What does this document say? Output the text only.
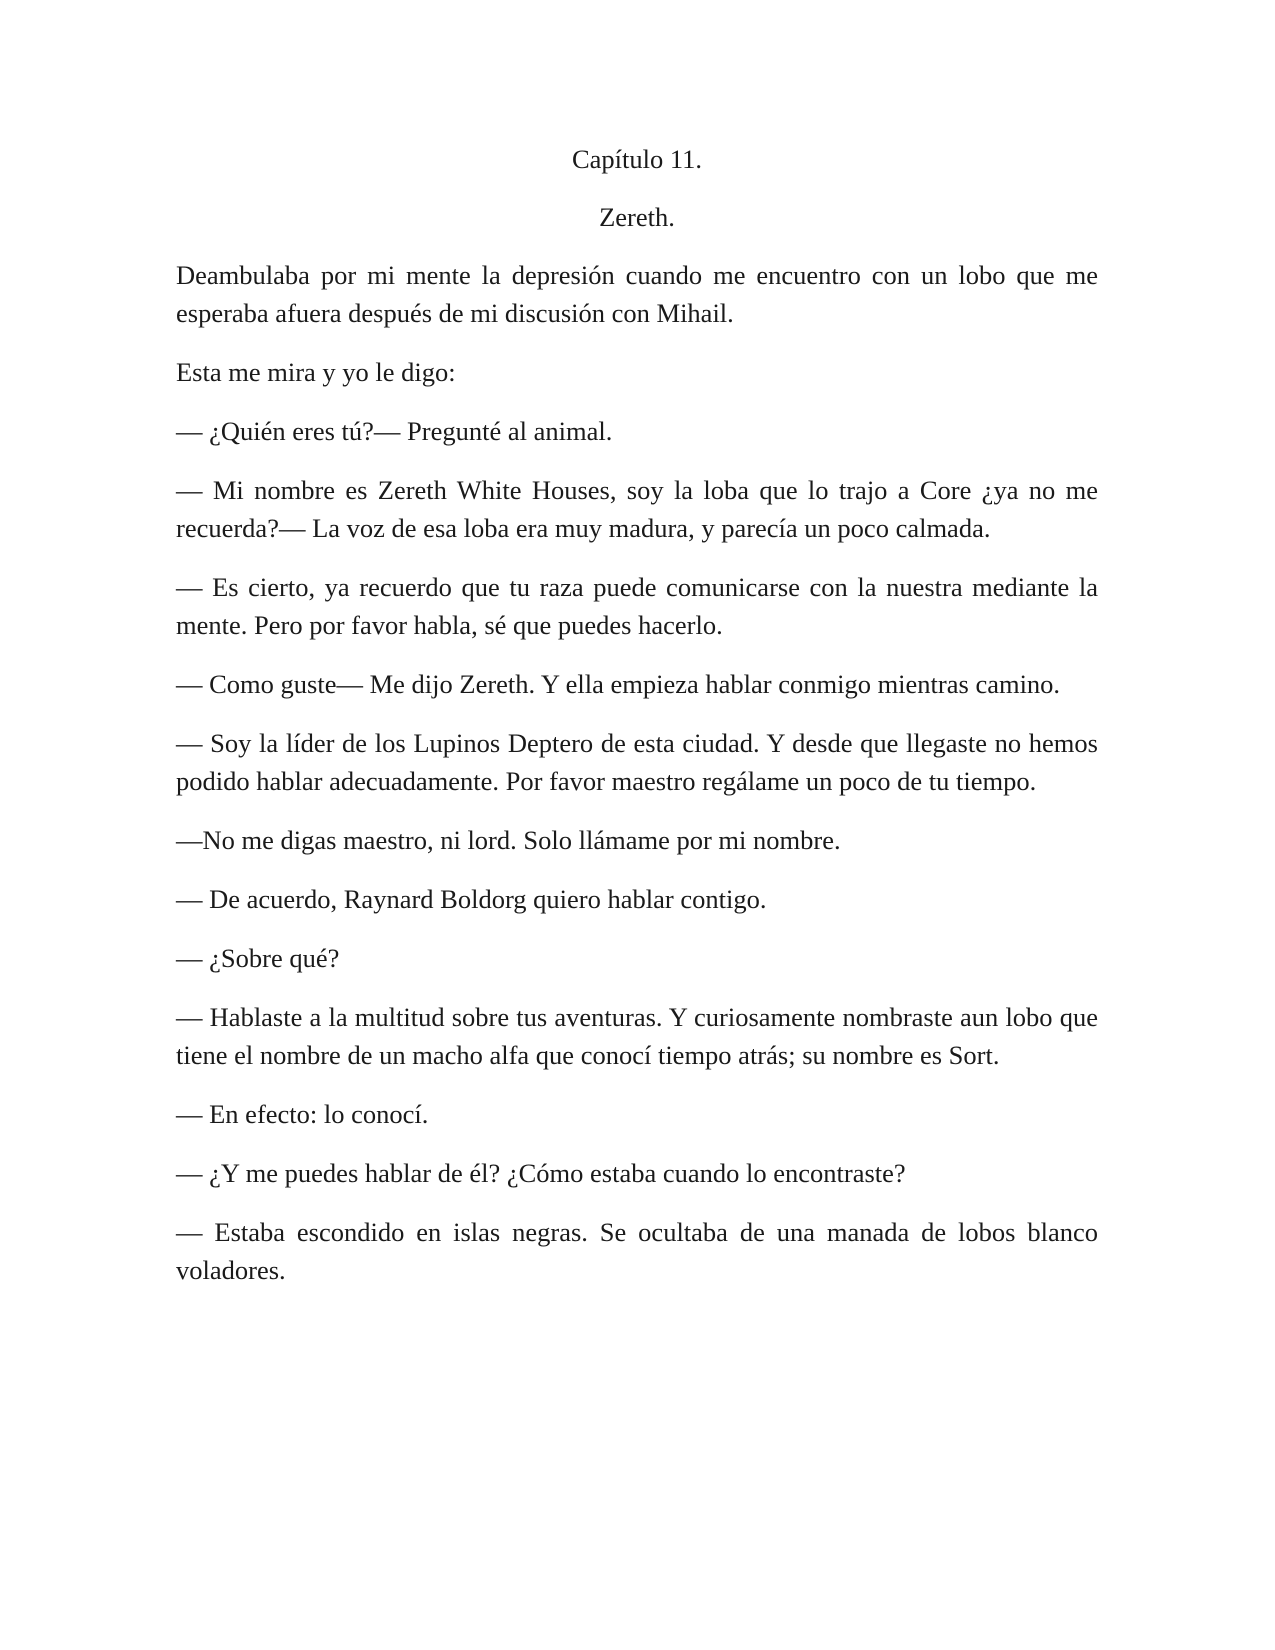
Capítulo 11.

Zereth.

Deambulaba por mi mente la depresión cuando me encuentro con un lobo que me esperaba afuera después de mi discusión con Mihail.

Esta me mira y yo le digo:

— ¿Quién eres tú?— Pregunté al animal.

— Mi nombre es Zereth White Houses, soy la loba que lo trajo a Core ¿ya no me recuerda?— La voz de esa loba era muy madura, y parecía un poco calmada.

— Es cierto, ya recuerdo que tu raza puede comunicarse con la nuestra mediante la mente. Pero por favor habla, sé que puedes hacerlo.

— Como guste— Me dijo Zereth. Y ella empieza hablar conmigo mientras camino.

— Soy la líder de los Lupinos Deptero de esta ciudad. Y desde que llegaste no hemos podido hablar adecuadamente. Por favor maestro regálame un poco de tu tiempo.

—No me digas maestro, ni lord. Solo llámame por mi nombre.

— De acuerdo, Raynard Boldorg quiero hablar contigo.

— ¿Sobre qué?

— Hablaste a la multitud sobre tus aventuras. Y curiosamente nombraste aun lobo que tiene el nombre de un macho alfa que conocí tiempo atrás; su nombre es Sort.

— En efecto: lo conocí.

— ¿Y me puedes hablar de él? ¿Cómo estaba cuando lo encontraste?

— Estaba escondido en islas negras. Se ocultaba de una manada de lobos blanco voladores.
